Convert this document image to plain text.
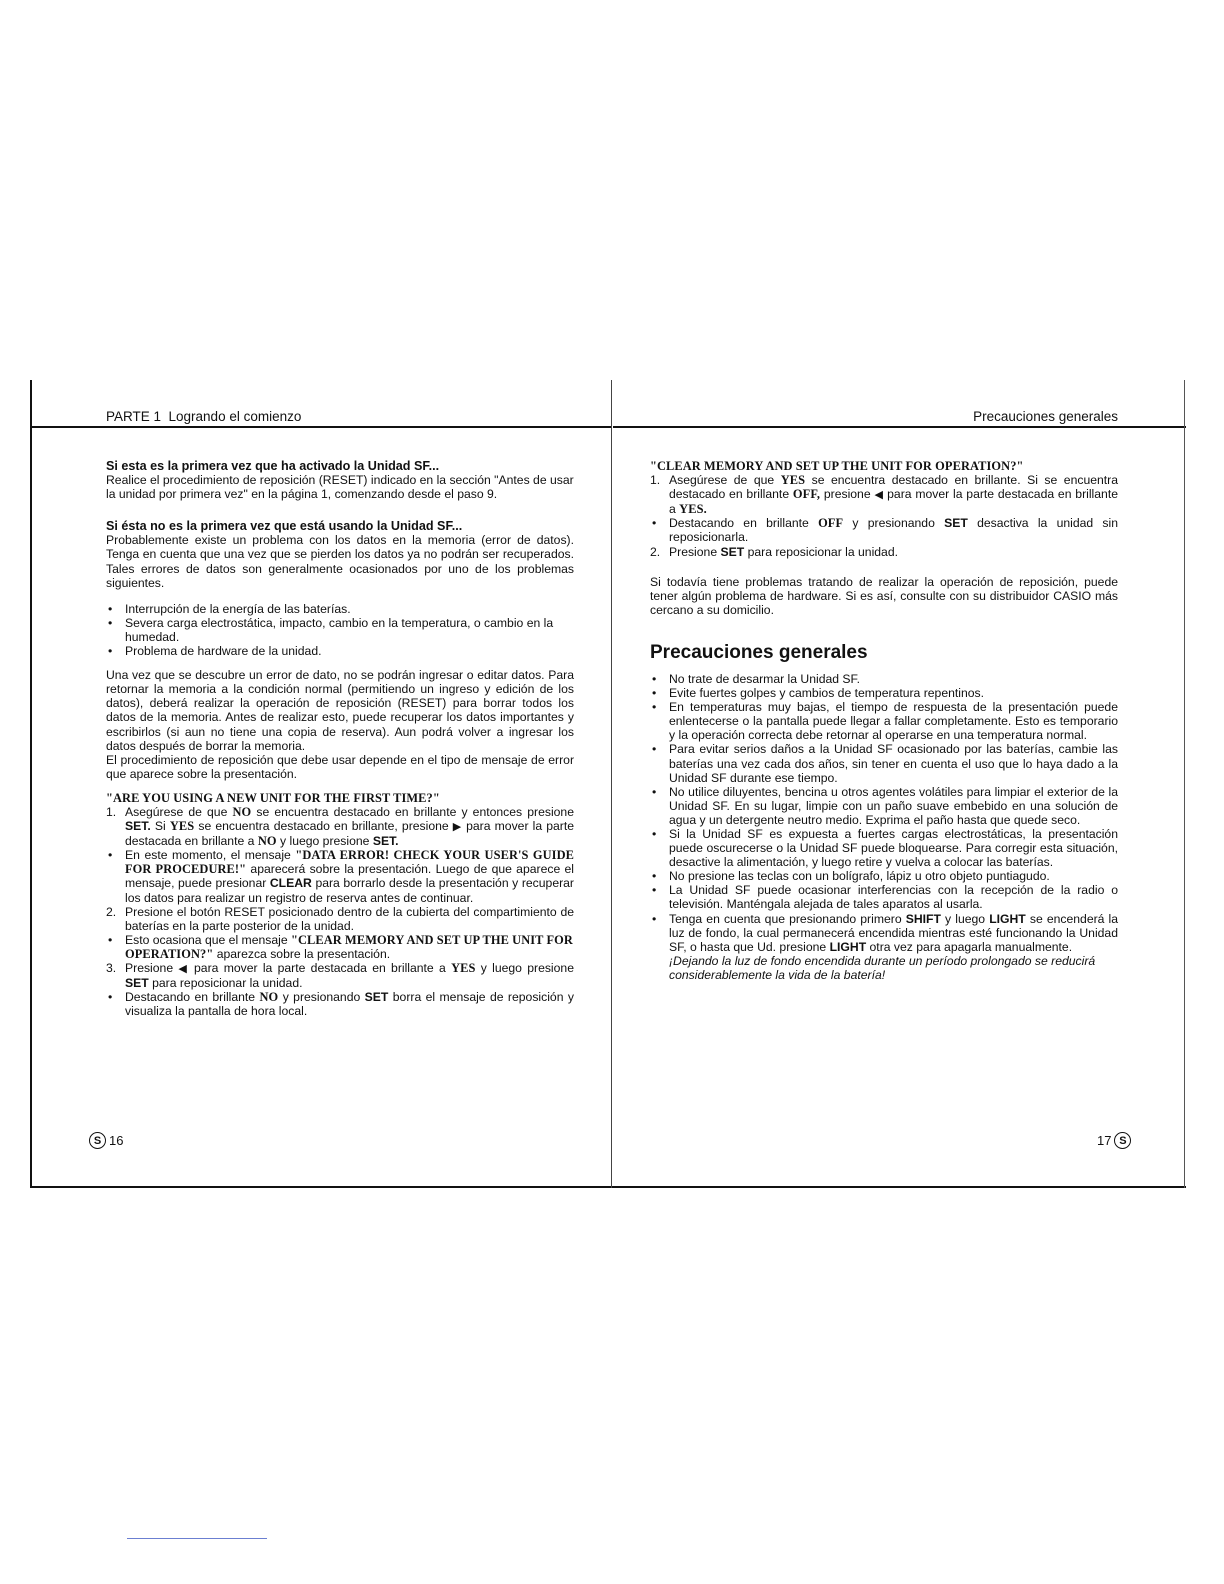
PARTE 1  Logrando el comienzo	Precauciones generales

Si esta es la primera vez que ha activado la Unidad SF...

Realice el procedimiento de reposición (RESET) indicado en la sección "Antes de usar la unidad por primera vez" en la página 1, comenzando desde el paso 9.

Si ésta no es la primera vez que está usando la Unidad SF...

Probablemente existe un problema con los datos en la memoria (error de datos). Tenga en cuenta que una vez que se pierden los datos ya no podrán ser recuperados. Tales errores de datos son generalmente ocasionados por uno de los problemas siguientes.

• Interrupción de la energía de las baterías.
• Severa carga electrostática, impacto, cambio en la temperatura, o cambio en la humedad.
• Problema de hardware de la unidad.

Una vez que se descubre un error de dato, no se podrán ingresar o editar datos. Para retornar la memoria a la condición normal (permitiendo un ingreso y edición de los datos), deberá realizar la operación de reposición (RESET) para borrar todos los datos de la memoria. Antes de realizar esto, puede recuperar los datos importantes y escribirlos (si aun no tiene una copia de reserva). Aun podrá volver a ingresar los datos después de borrar la memoria.

El procedimiento de reposición que debe usar depende en el tipo de mensaje de error que aparece sobre la presentación.

"ARE YOU USING A NEW UNIT FOR THE FIRST TIME?"

1. Asegúrese de que NO se encuentra destacado en brillante y entonces presione SET. Si YES se encuentra destacado en brillante, presione ▶ para mover la parte destacada en brillante a NO y luego presione SET.
• En este momento, el mensaje "DATA ERROR! CHECK YOUR USER'S GUIDE FOR PROCEDURE!" aparecerá sobre la presentación. Luego de que aparece el mensaje, puede presionar CLEAR para borrarlo desde la presentación y recuperar los datos para realizar un registro de reserva antes de continuar.
2. Presione el botón RESET posicionado dentro de la cubierta del compartimiento de baterías en la parte posterior de la unidad.
• Esto ocasiona que el mensaje "CLEAR MEMORY AND SET UP THE UNIT FOR OPERATION?" aparezca sobre la presentación.
3. Presione ◀ para mover la parte destacada en brillante a YES y luego presione SET para reposicionar la unidad.
• Destacando en brillante NO y presionando SET borra el mensaje de reposición y visualiza la pantalla de hora local.
S 16

"CLEAR MEMORY AND SET UP THE UNIT FOR OPERATION?"

1. Asegúrese de que YES se encuentra destacado en brillante. Si se encuentra destacado en brillante OFF, presione ◀ para mover la parte destacada en brillante a YES.
• Destacando en brillante OFF y presionando SET desactiva la unidad sin reposicionarla.
2. Presione SET para reposicionar la unidad.

Si todavía tiene problemas tratando de realizar la operación de reposición, puede tener algún problema de hardware. Si es así, consulte con su distribuidor CASIO más cercano a su domicilio.

Precauciones generales

• No trate de desarmar la Unidad SF.
• Evite fuertes golpes y cambios de temperatura repentinos.
• En temperaturas muy bajas, el tiempo de respuesta de la presentación puede enlentecerse o la pantalla puede llegar a fallar completamente. Esto es temporario y la operación correcta debe retornar al operarse en una temperatura normal.
• Para evitar serios daños a la Unidad SF ocasionado por las baterías, cambie las baterías una vez cada dos años, sin tener en cuenta el uso que lo haya dado a la Unidad SF durante ese tiempo.
• No utilice diluyentes, bencina u otros agentes volátiles para limpiar el exterior de la Unidad SF. En su lugar, limpie con un paño suave embebido en una solución de agua y un detergente neutro medio. Exprima el paño hasta que quede seco.
• Si la Unidad SF es expuesta a fuertes cargas electrostáticas, la presentación puede oscurecerse o la Unidad SF puede bloquearse. Para corregir esta situación, desactive la alimentación, y luego retire y vuelva a colocar las baterías.
• No presione las teclas con un bolígrafo, lápiz u otro objeto puntiagudo.
• La Unidad SF puede ocasionar interferencias con la recepción de la radio o televisión. Manténgala alejada de tales aparatos al usarla.
• Tenga en cuenta que presionando primero SHIFT y luego LIGHT se encenderá la luz de fondo, la cual permanecerá encendida mientras esté funcionando la Unidad SF, o hasta que Ud. presione LIGHT otra vez para apagarla manualmente.

¡Dejando la luz de fondo encendida durante un período prolongado se reducirá considerablemente la vida de la batería!

17 S
